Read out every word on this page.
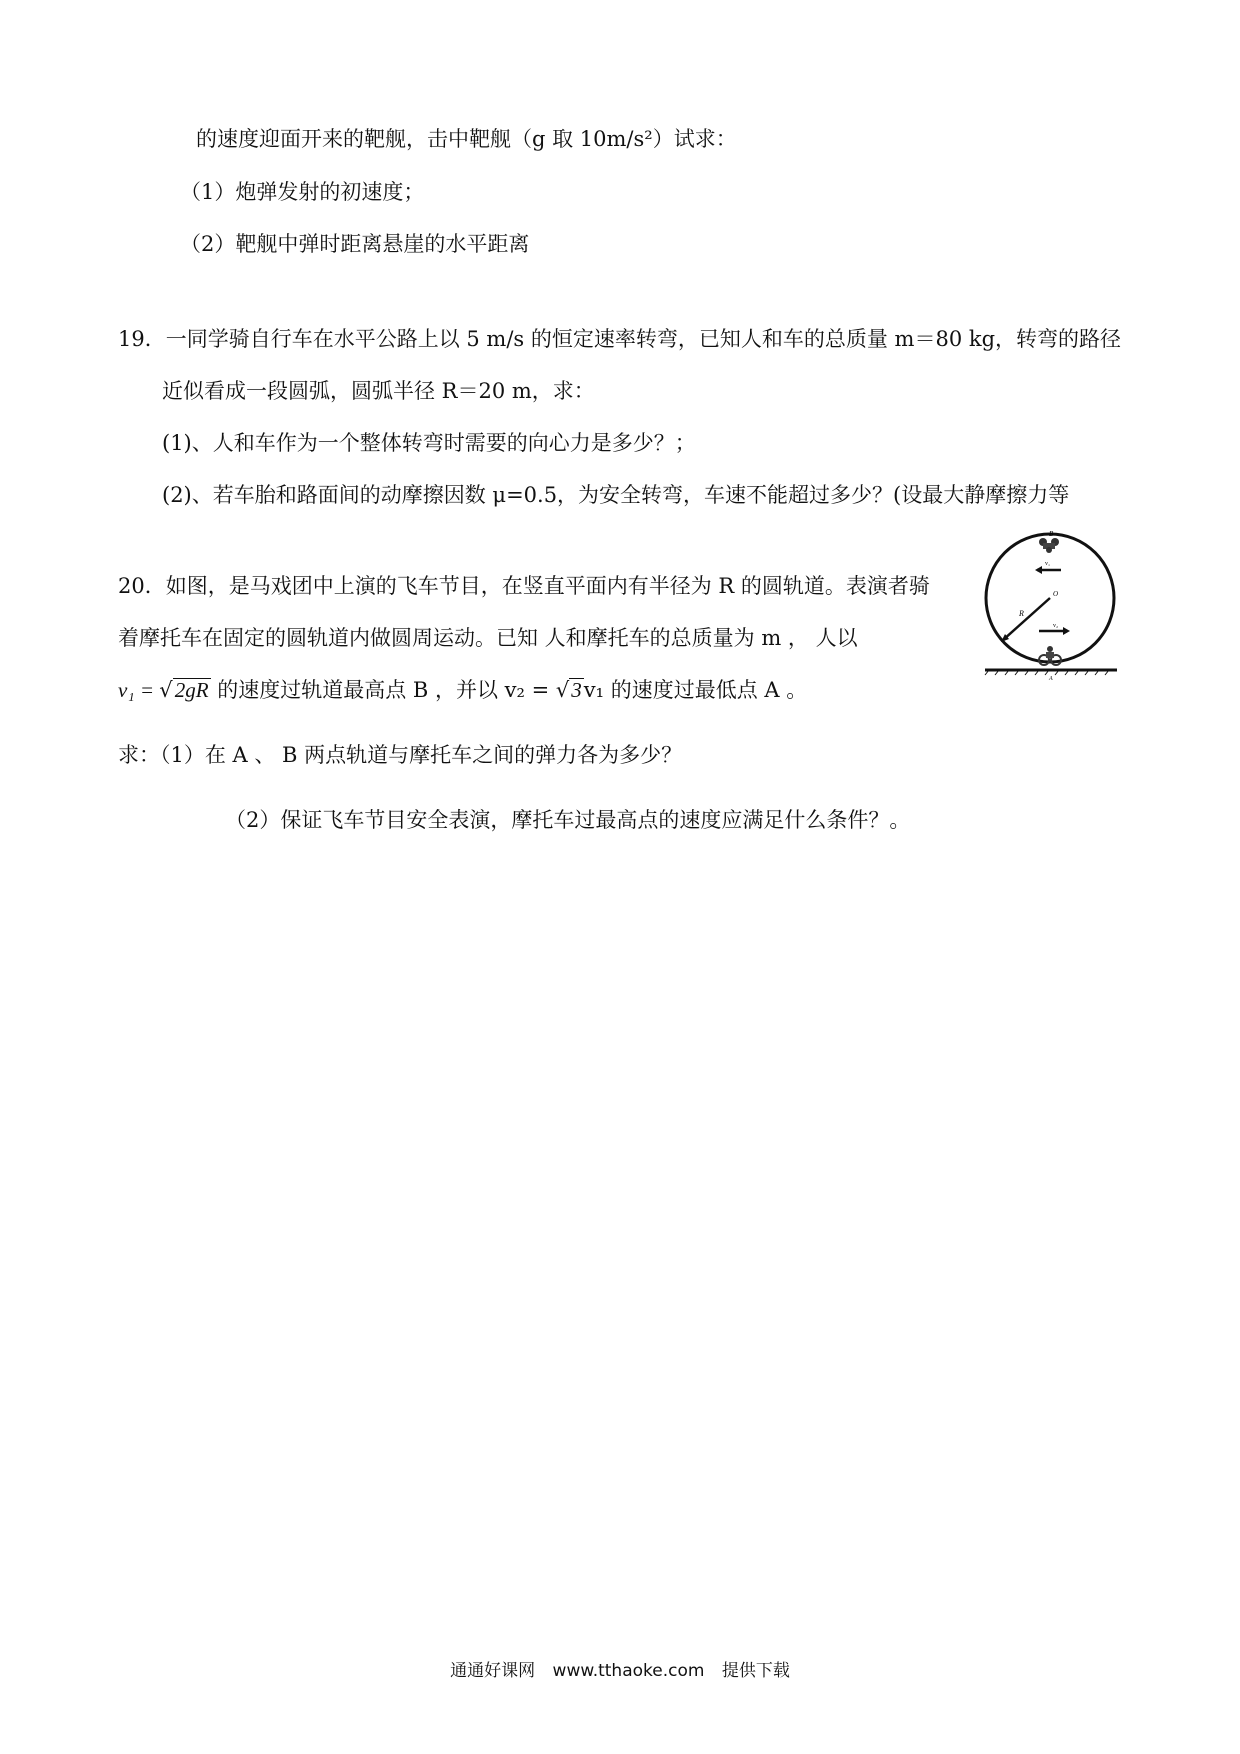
的速度迎面开来的靶舰，击中靶舰（g 取 10m/s²）试求：
（1）炮弹发射的初速度；
（2）靶舰中弹时距离悬崖的水平距离
19．一同学骑自行车在水平公路上以 5 m/s 的恒定速率转弯，已知人和车的总质量 m＝80 kg，转弯的路径
近似看成一段圆弧，圆弧半径 R＝20 m，求：
(1)、人和车作为一个整体转弯时需要的向心力是多少？；
(2)、若车胎和路面间的动摩擦因数 μ=0.5，为安全转弯，车速不能超过多少？(设最大静摩擦力等
20．如图，是马戏团中上演的飞车节目，在竖直平面内有半径为 R 的圆轨道。表演者骑
着摩托车在固定的圆轨道内做圆周运动。已知 人和摩托车的总质量为 m ， 人以
v₁ = √2gR 的速度过轨道最高点 B ，并以 v₂ = √3v₁ 的速度过最低点 A 。
求：（1）在 A 、 B 两点轨道与摩托车之间的弹力各为多少？
（2）保证飞车节目安全表演，摩托车过最高点的速度应满足什么条件？。
B
O
R
A
v₁
v₂
通通好课网 www.tthaoke.com 提供下载
